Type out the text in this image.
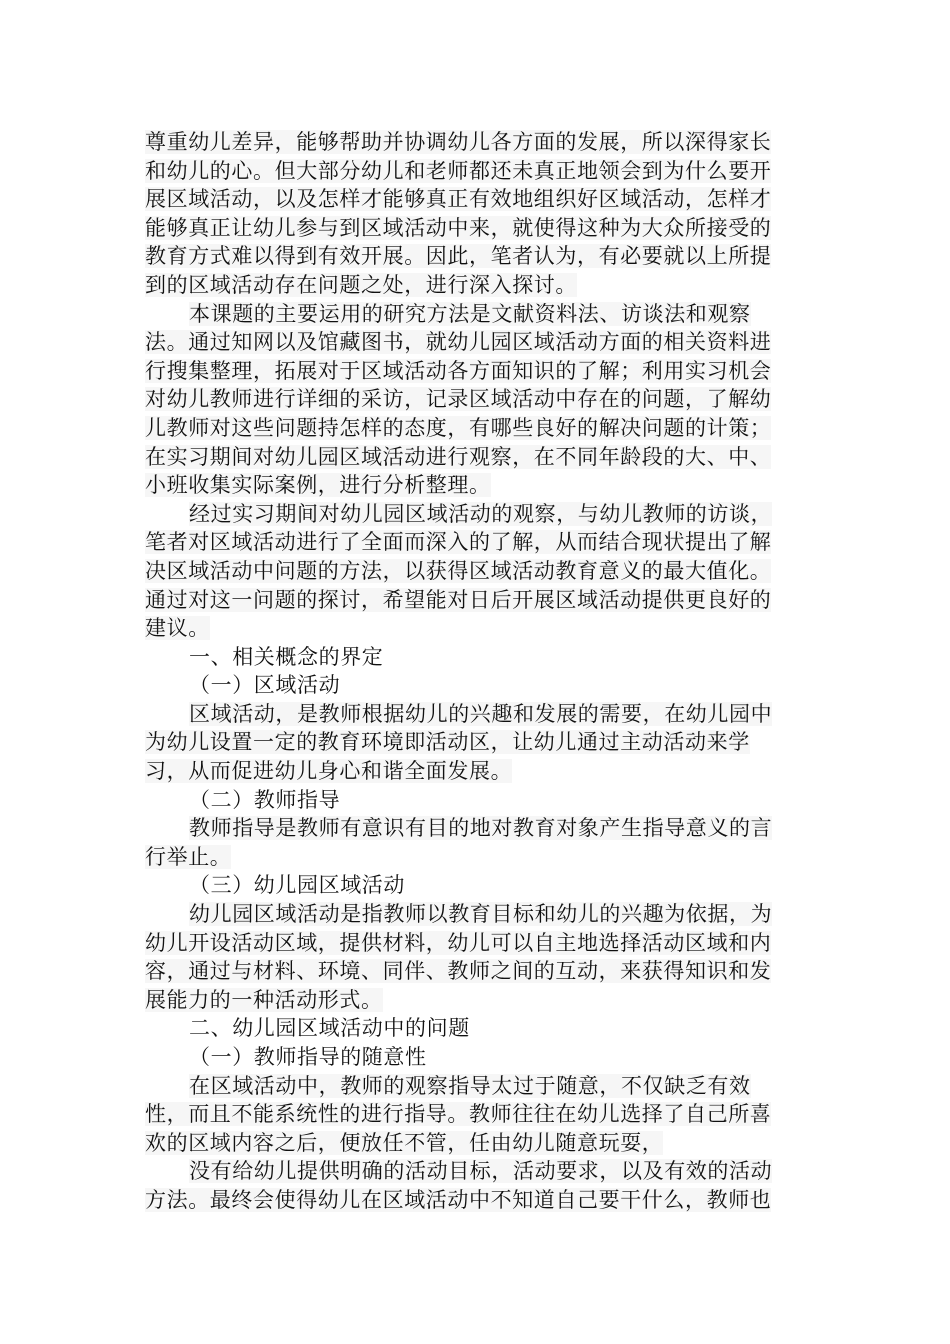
尊重幼儿差异，能够帮助并协调幼儿各方面的发展，所以深得家长
和幼儿的心。但大部分幼儿和老师都还未真正地领会到为什么要开
展区域活动，以及怎样才能够真正有效地组织好区域活动，怎样才
能够真正让幼儿参与到区域活动中来，就使得这种为大众所接受的
教育方式难以得到有效开展。因此，笔者认为，有必要就以上所提
到的区域活动存在问题之处，进行深入探讨。
本课题的主要运用的研究方法是文献资料法、访谈法和观察
法。通过知网以及馆藏图书，就幼儿园区域活动方面的相关资料进
行搜集整理，拓展对于区域活动各方面知识的了解；利用实习机会
对幼儿教师进行详细的采访，记录区域活动中存在的问题，了解幼
儿教师对这些问题持怎样的态度，有哪些良好的解决问题的计策；
在实习期间对幼儿园区域活动进行观察，在不同年龄段的大、中、
小班收集实际案例，进行分析整理。
经过实习期间对幼儿园区域活动的观察，与幼儿教师的访谈，
笔者对区域活动进行了全面而深入的了解，从而结合现状提出了解
决区域活动中问题的方法，以获得区域活动教育意义的最大值化。
通过对这一问题的探讨，希望能对日后开展区域活动提供更良好的
建议。
一、相关概念的界定
（一）区域活动
区域活动，是教师根据幼儿的兴趣和发展的需要，在幼儿园中
为幼儿设置一定的教育环境即活动区，让幼儿通过主动活动来学
习，从而促进幼儿身心和谐全面发展。
（二）教师指导
教师指导是教师有意识有目的地对教育对象产生指导意义的言
行举止。
（三）幼儿园区域活动
幼儿园区域活动是指教师以教育目标和幼儿的兴趣为依据，为
幼儿开设活动区域，提供材料，幼儿可以自主地选择活动区域和内
容，通过与材料、环境、同伴、教师之间的互动，来获得知识和发
展能力的一种活动形式。
二、幼儿园区域活动中的问题
（一）教师指导的随意性
在区域活动中，教师的观察指导太过于随意，不仅缺乏有效
性，而且不能系统性的进行指导。教师往往在幼儿选择了自己所喜
欢的区域内容之后，便放任不管，任由幼儿随意玩耍，
没有给幼儿提供明确的活动目标，活动要求，以及有效的活动
方法。最终会使得幼儿在区域活动中不知道自己要干什么，教师也
